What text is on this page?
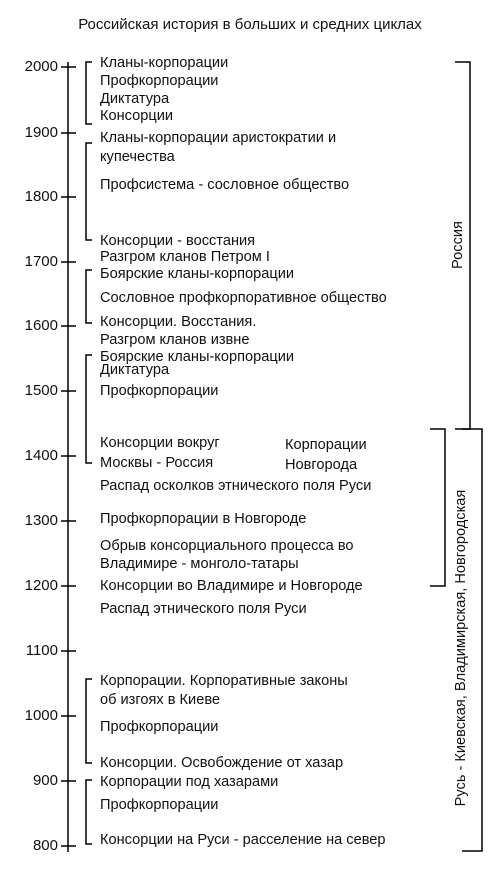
Российская история в больших и средних циклах
2000
1900
1800
1700
1600
1500
1400
1300
1200
1100
1000
900
800
Кланы-корпорации
Профкорпорации
Диктатура
Консорции
Кланы-корпорации аристократии и
купечества
Профсистема - сословное общество
Консорции - восстания
Разгром кланов Петром I
Боярские кланы-корпорации
Сословное профкорпоративное общество
Консорции. Восстания.
Разгром кланов извне
Боярские кланы-корпорации
Диктатура
Профкорпорации
Консорции вокруг
Москвы - Россия
Корпорации
Новгорода
Распад осколков этнического поля Руси
Профкорпорации в Новгороде
Обрыв консорциального процесса во
Владимире - монголо-татары
Консорции во Владимире и Новгороде
Распад этнического поля Руси
Корпорации. Корпоративные законы
об изгоях в Киеве
Профкорпорации
Консорции. Освобождение от хазар
Корпорации под хазарами
Профкорпорации
Консорции на Руси - расселение на север
Россия
Русь - Киевская, Владимирская, Новгородская
